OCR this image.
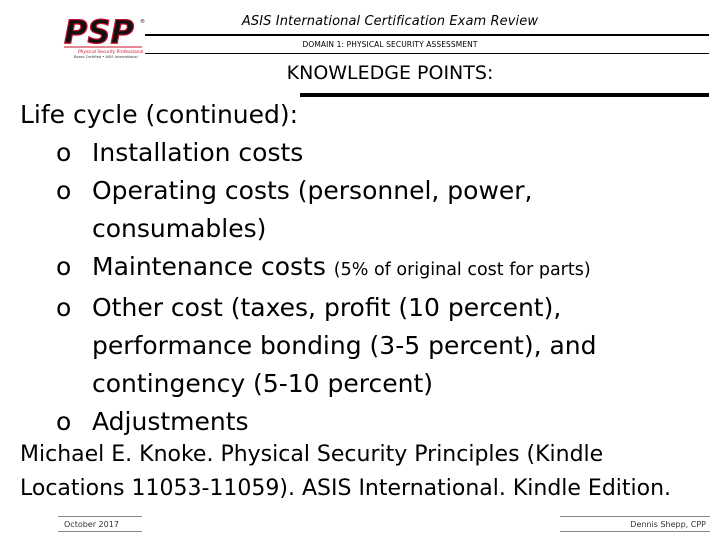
PSP ®
Physical Security Professional
Board Certified • ASIS International
ASIS International Certification Exam Review
DOMAIN 1: PHYSICAL SECURITY ASSESSMENT
KNOWLEDGE POINTS:
Life cycle (continued):
o Installation costs
o Operating costs (personnel, power, consumables)
o Maintenance costs (5% of original cost for parts)
o Other cost (taxes, profit (10 percent), performance bonding (3-5 percent), and contingency (5-10 percent)
o Adjustments
Michael E. Knoke. Physical Security Principles (Kindle Locations 11053-11059). ASIS International. Kindle Edition.
October 2017	Dennis Shepp, CPP
